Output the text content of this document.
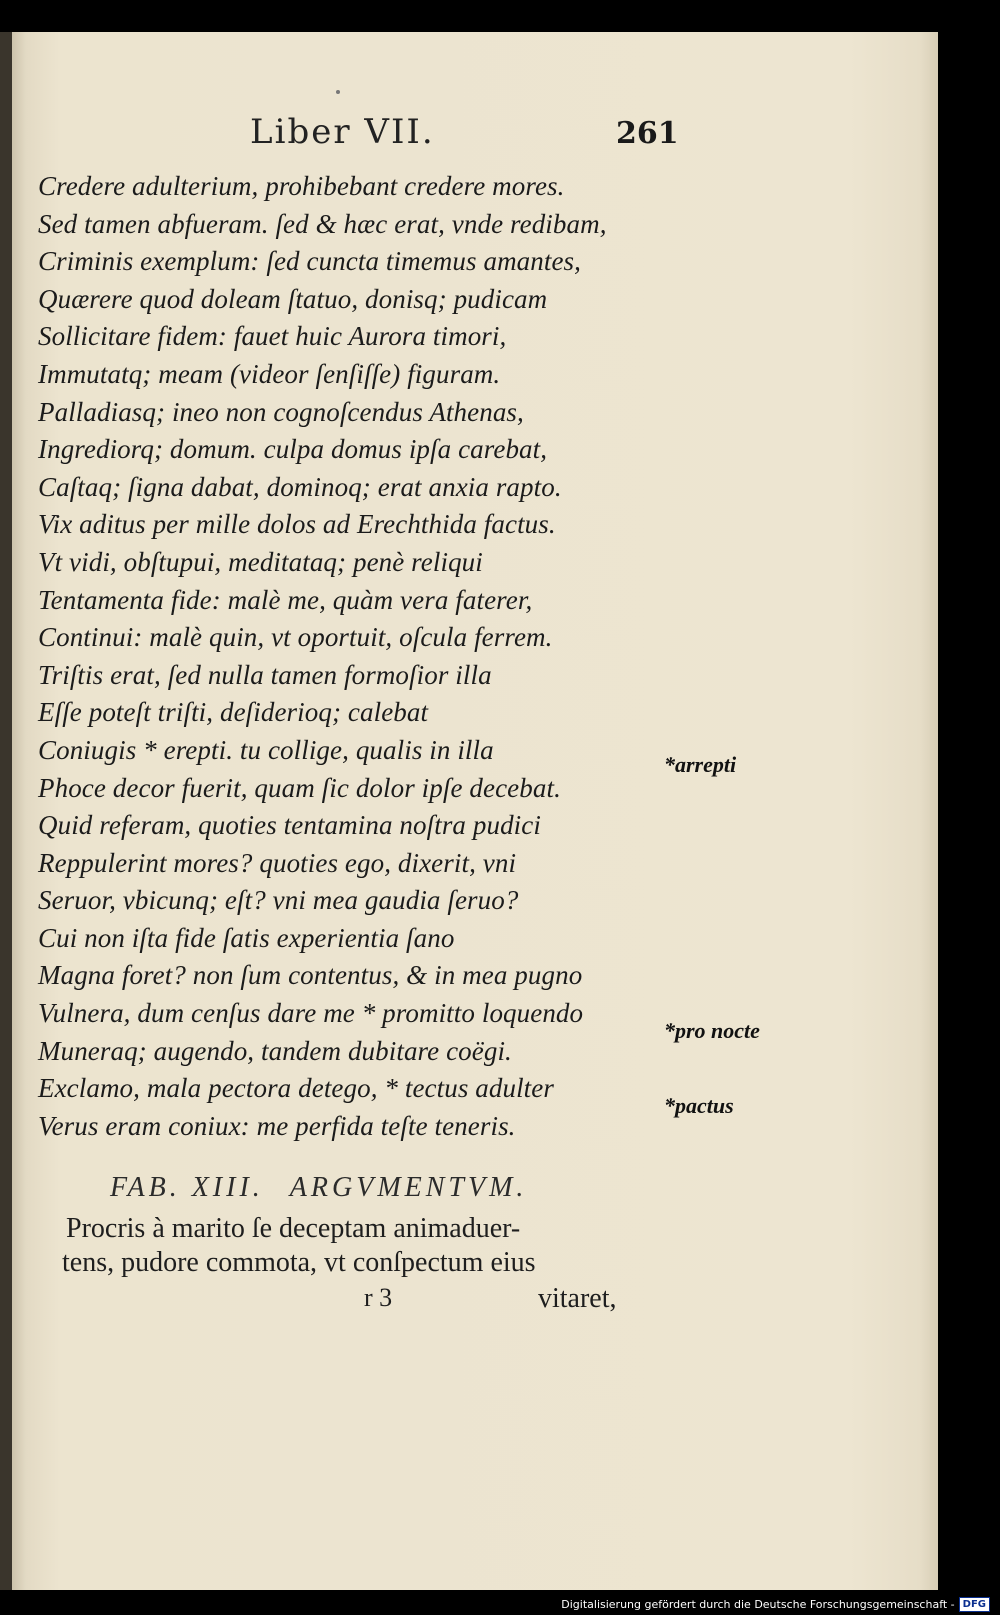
Liber VII.	261
Credere adulterium, prohibebant credere mores.
Sed tamen abfueram. ſed & hæc erat, vnde redibam,
Criminis exemplum: ſed cuncta timemus amantes,
Quærere quod doleam ſtatuo, donisq; pudicam
Sollicitare fidem: fauet huic Aurora timori,
Immutatq; meam (videor ſenſiſſe) figuram.
Palladiasq; ineo non cognoſcendus Athenas,
Ingrediorq; domum. culpa domus ipſa carebat,
Caſtaq; ſigna dabat, dominoq; erat anxia rapto.
Vix aditus per mille dolos ad Erechthida factus.
Vt vidi, obſtupui, meditataq; penè reliqui
Tentamenta fide: malè me, quàm vera faterer,
Continui: malè quin, vt oportuit, oſcula ferrem.
Triſtis erat, ſed nulla tamen formoſior illa
Eſſe poteſt triſti, deſiderioq; calebat
Coniugis * erepti. tu collige, qualis in illa
Phoce decor fuerit, quam ſic dolor ipſe decebat.
Quid referam, quoties tentamina noſtra pudici
Reppulerint mores? quoties ego, dixerit, vni
Seruor, vbicunq; eſt? vni mea gaudia ſeruo?
Cui non iſta fide ſatis experientia ſano
Magna foret? non ſum contentus, & in mea pugno
Vulnera, dum cenſus dare me * promitto loquendo
Muneraq; augendo, tandem dubitare coëgi.
Exclamo, mala pectora detego, * tectus adulter
Verus eram coniux: me perfida teſte teneris.
*arrepti
*pro nocte
*pactus
FAB. XIII. ARGVMENTVM.
Procris à marito ſe deceptam animaduer-
tens, pudore commota, vt conſpectum eius
r 3	vitaret,
Digitalisierung gefördert durch die Deutsche Forschungsgemeinschaft - DFG
